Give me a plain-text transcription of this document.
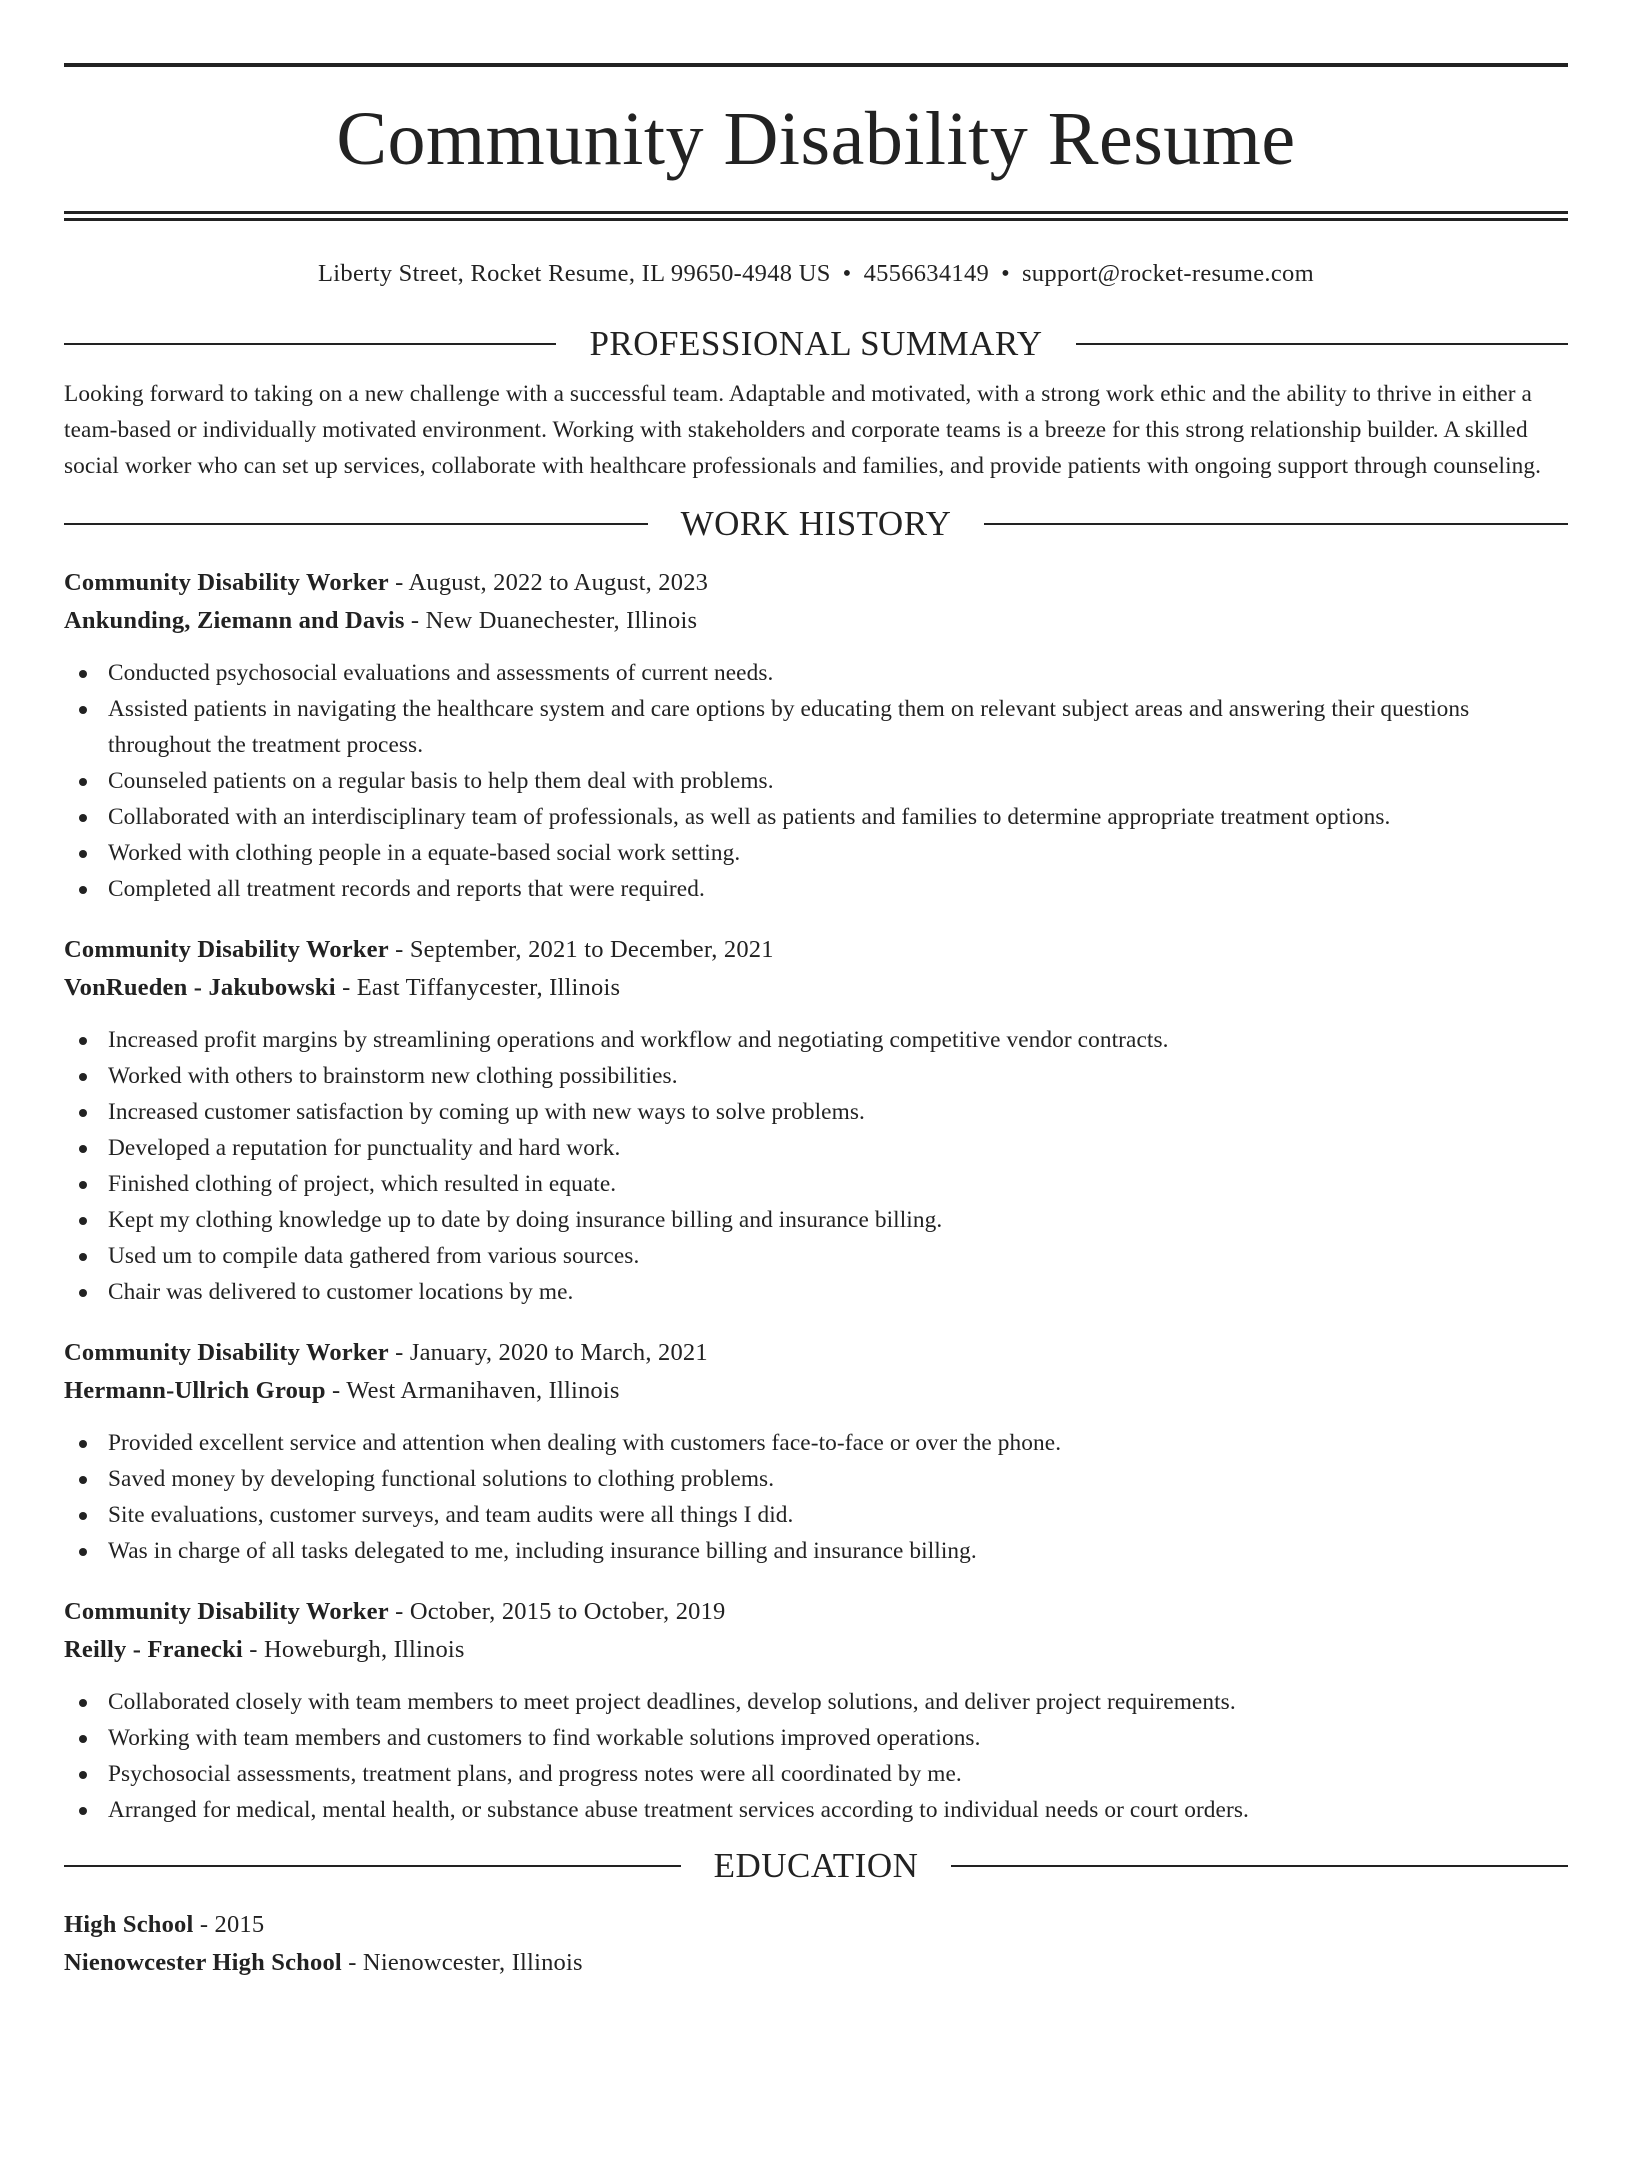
Community Disability Resume
Liberty Street, Rocket Resume, IL 99650-4948 US • 4556634149 • support@rocket-resume.com
PROFESSIONAL SUMMARY

Looking forward to taking on a new challenge with a successful team. Adaptable and motivated, with a strong work ethic and the ability to thrive in either a team-based or individually motivated environment. Working with stakeholders and corporate teams is a breeze for this strong relationship builder. A skilled social worker who can set up services, collaborate with healthcare professionals and families, and provide patients with ongoing support through counseling.

WORK HISTORY
Community Disability Worker - August, 2022 to August, 2023
Ankunding, Ziemann and Davis - New Duanechester, Illinois
Conducted psychosocial evaluations and assessments of current needs.
Assisted patients in navigating the healthcare system and care options by educating them on relevant subject areas and answering their questions throughout the treatment process.
Counseled patients on a regular basis to help them deal with problems.
Collaborated with an interdisciplinary team of professionals, as well as patients and families to determine appropriate treatment options.
Worked with clothing people in a equate-based social work setting.
Completed all treatment records and reports that were required.
Community Disability Worker - September, 2021 to December, 2021
VonRueden - Jakubowski - East Tiffanycester, Illinois
Increased profit margins by streamlining operations and workflow and negotiating competitive vendor contracts.
Worked with others to brainstorm new clothing possibilities.
Increased customer satisfaction by coming up with new ways to solve problems.
Developed a reputation for punctuality and hard work.
Finished clothing of project, which resulted in equate.
Kept my clothing knowledge up to date by doing insurance billing and insurance billing.
Used um to compile data gathered from various sources.
Chair was delivered to customer locations by me.
Community Disability Worker - January, 2020 to March, 2021
Hermann-Ullrich Group - West Armanihaven, Illinois
Provided excellent service and attention when dealing with customers face-to-face or over the phone.
Saved money by developing functional solutions to clothing problems.
Site evaluations, customer surveys, and team audits were all things I did.
Was in charge of all tasks delegated to me, including insurance billing and insurance billing.
Community Disability Worker - October, 2015 to October, 2019
Reilly - Franecki - Howeburgh, Illinois
Collaborated closely with team members to meet project deadlines, develop solutions, and deliver project requirements.
Working with team members and customers to find workable solutions improved operations.
Psychosocial assessments, treatment plans, and progress notes were all coordinated by me.
Arranged for medical, mental health, or substance abuse treatment services according to individual needs or court orders.
EDUCATION
High School - 2015
Nienowcester High School - Nienowcester, Illinois
